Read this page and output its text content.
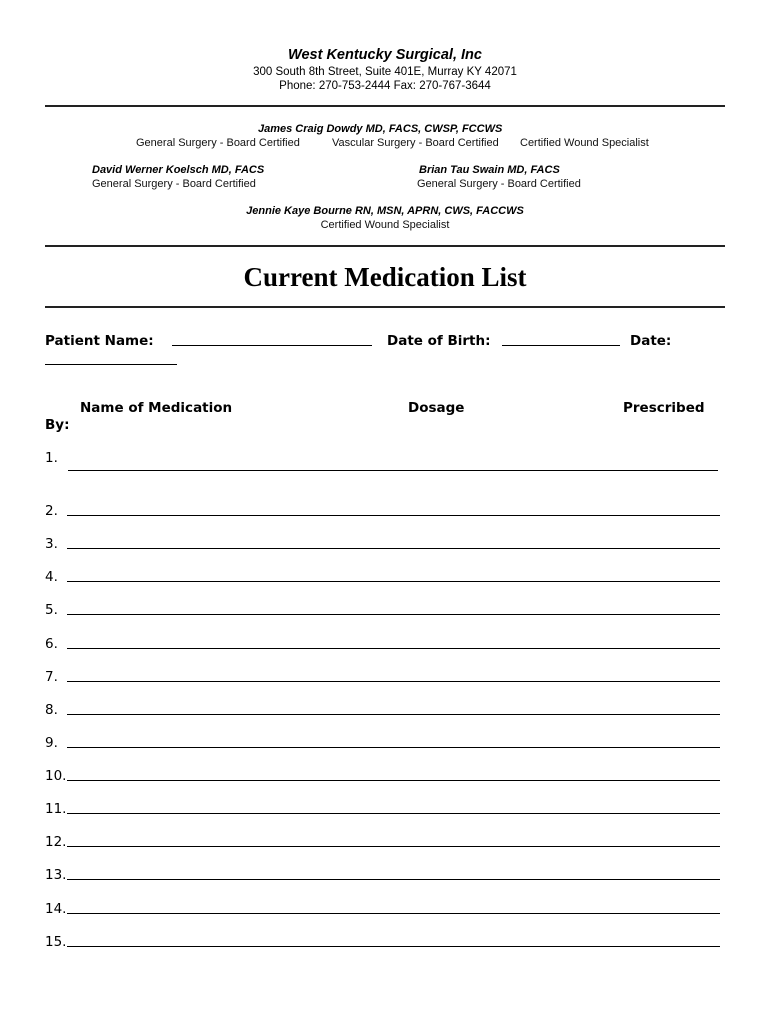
West Kentucky Surgical, Inc
300 South 8th Street, Suite 401E, Murray KY 42071
Phone: 270-753-2444 Fax: 270-767-3644
James Craig Dowdy MD, FACS, CWSP, FCCWS
General Surgery - Board Certified	Vascular Surgery - Board Certified Certified Wound Specialist
David Werner Koelsch MD, FACS
General Surgery - Board Certified
Brian Tau Swain MD, FACS
General Surgery - Board Certified
Jennie Kaye Bourne RN, MSN, APRN, CWS, FACCWS
Certified Wound Specialist
Current Medication List
Patient Name:	Date of Birth:	Date:
Name of Medication	Dosage	Prescribed
By:
1.
2.
3.
4.
5.
6.
7.
8.
9.
10.
11.
12.
13.
14.
15.
